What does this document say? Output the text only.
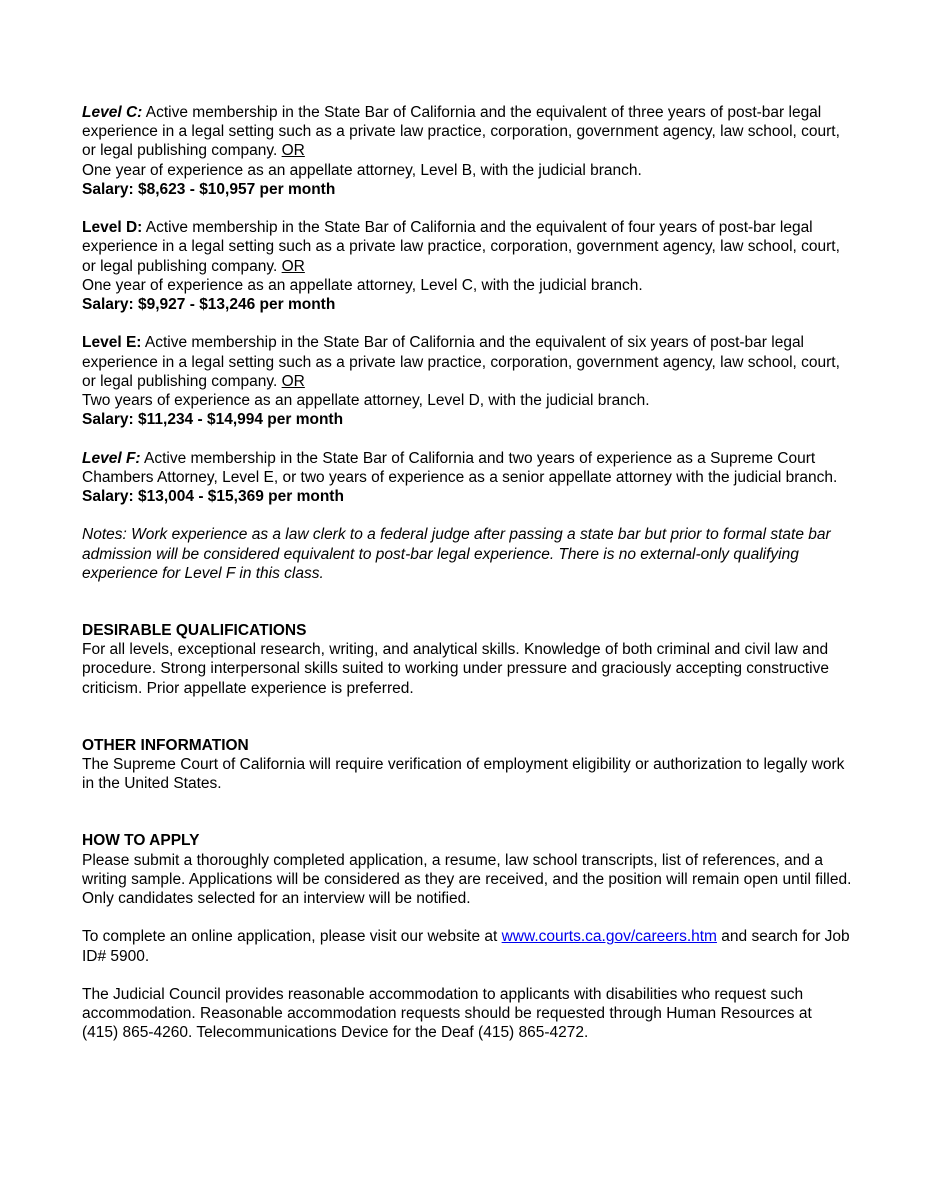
Level C: Active membership in the State Bar of California and the equivalent of three years of post-bar legal experience in a legal setting such as a private law practice, corporation, government agency, law school, court, or legal publishing company. OR

One year of experience as an appellate attorney, Level B, with the judicial branch.

Salary: $8,623 - $10,957 per month

Level D: Active membership in the State Bar of California and the equivalent of four years of post-bar legal experience in a legal setting such as a private law practice, corporation, government agency, law school, court, or legal publishing company. OR

One year of experience as an appellate attorney, Level C, with the judicial branch.

Salary: $9,927 - $13,246 per month

Level E: Active membership in the State Bar of California and the equivalent of six years of post-bar legal experience in a legal setting such as a private law practice, corporation, government agency, law school, court, or legal publishing company. OR

Two years of experience as an appellate attorney, Level D, with the judicial branch.

Salary: $11,234 - $14,994 per month

Level F: Active membership in the State Bar of California and two years of experience as a Supreme Court Chambers Attorney, Level E, or two years of experience as a senior appellate attorney with the judicial branch.

Salary: $13,004 - $15,369 per month

Notes: Work experience as a law clerk to a federal judge after passing a state bar but prior to formal state bar admission will be considered equivalent to post-bar legal experience. There is no external-only qualifying experience for Level F in this class.

DESIRABLE QUALIFICATIONS

For all levels, exceptional research, writing, and analytical skills. Knowledge of both criminal and civil law and procedure. Strong interpersonal skills suited to working under pressure and graciously accepting constructive criticism. Prior appellate experience is preferred.

OTHER INFORMATION

The Supreme Court of California will require verification of employment eligibility or authorization to legally work in the United States.

HOW TO APPLY

Please submit a thoroughly completed application, a resume, law school transcripts, list of references, and a writing sample. Applications will be considered as they are received, and the position will remain open until filled. Only candidates selected for an interview will be notified.

To complete an online application, please visit our website at www.courts.ca.gov/careers.htm and search for Job ID# 5900.

The Judicial Council provides reasonable accommodation to applicants with disabilities who request such accommodation. Reasonable accommodation requests should be requested through Human Resources at (415) 865-4260. Telecommunications Device for the Deaf (415) 865-4272.
